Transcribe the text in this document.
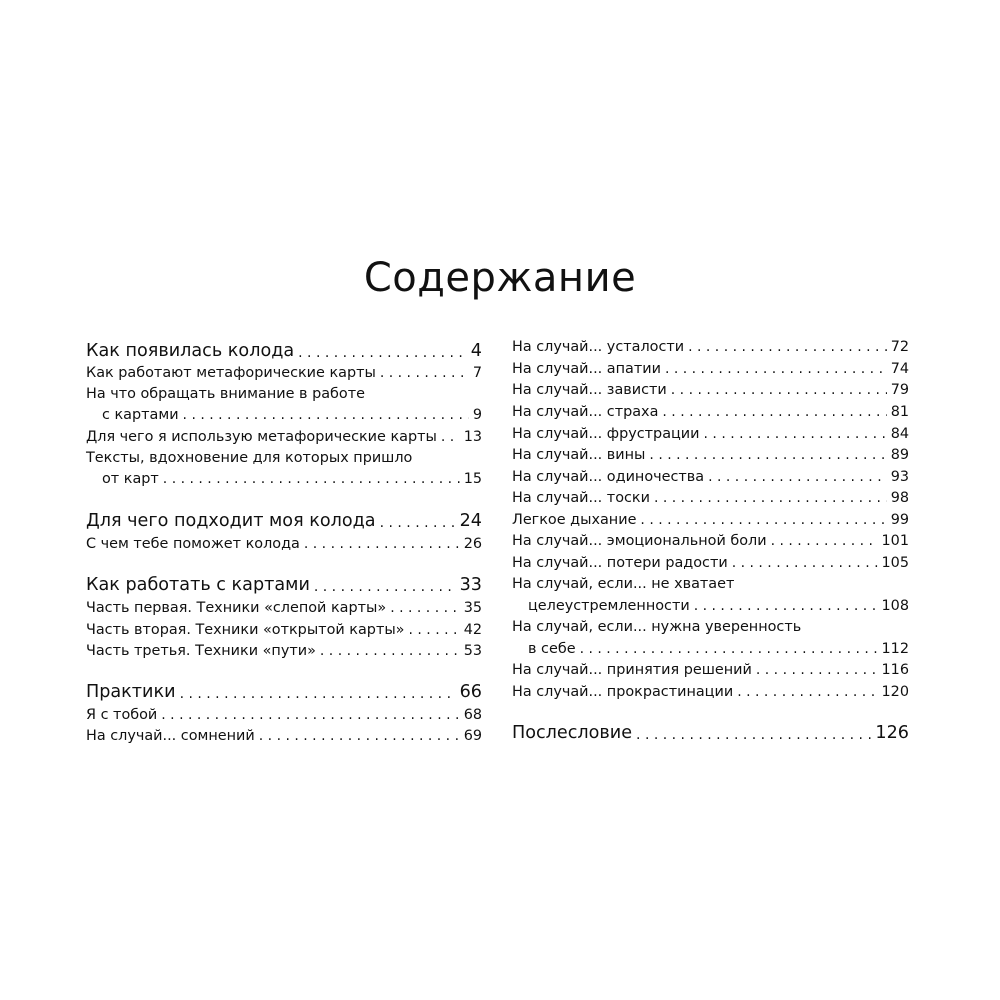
Содержание
Как появилась колода . . .	4
Как работают метафорические карты . . .	7
На что обращать внимание в работе
с картами . . .	9
Для чего я использую метафорические карты . . . 13
Тексты, вдохновение для которых пришло
от карт . . .	15
Для чего подходит моя колода . . .	24
С чем тебе поможет колода . . .	26
Как работать с картами . . .	33
Часть первая. Техники «слепой карты» . . .	35
Часть вторая. Техники «открытой карты» . . .	42
Часть третья. Техники «пути» . . .	53
Практики . . .	66
Я с тобой . . .	68
На случай... сомнений . . .	69
На случай... усталости . . .	72
На случай... апатии . . .	74
На случай... зависти . . .	79
На случай... страха . . .	81
На случай... фрустрации . . .	84
На случай... вины . . .	89
На случай... одиночества . . .	93
На случай... тоски . . .	98
Легкое дыхание . . .	99
На случай... эмоциональной боли . . .	101
На случай... потери радости . . .	105
На случай, если... не хватает
целеустремленности . . .	108
На случай, если... нужна уверенность
в себе . . .	112
На случай... принятия решений . . .	116
На случай... прокрастинации . . .	120
Послесловие . . .	126
